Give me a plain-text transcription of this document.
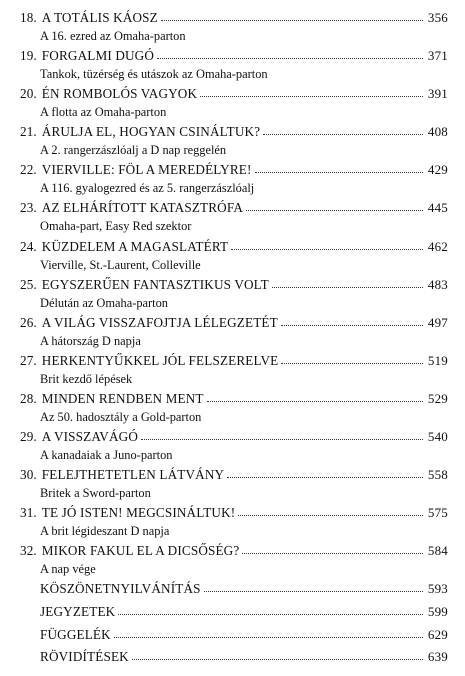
18. A TOTÁLIS KÁOSZ	356
A 16. ezred az Omaha-parton
19. FORGALMI DUGÓ	371
Tankok, tüzérség és utászok az Omaha-parton
20. ÉN ROMBOLÓS VAGYOK	391
A flotta az Omaha-parton
21. ÁRULJA EL, HOGYAN CSINÁLTUK?	408
A 2. rangerzászlóalj a D nap reggelén
22. VIERVILLE: FÖL A MEREDÉLYRE!	429
A 116. gyalogezred és az 5. rangerzászlóalj
23. AZ ELHÁRÍTOTT KATASZTRÓFA	445
Omaha-part, Easy Red szektor
24. KÜZDELEM A MAGASLATÉRT	462
Vierville, St.-Laurent, Colleville
25. EGYSZERŰEN FANTASZTIKUS VOLT	483
Délután az Omaha-parton
26. A VILÁG VISSZAFOJTJA LÉLEGZETÉT	497
A hátország D napja
27. HERKENTYŰKKEL JÓL FELSZERELVE	519
Brit kezdő lépések
28. MINDEN RENDBEN MENT	529
Az 50. hadosztály a Gold-parton
29. A VISSZAVÁGÓ	540
A kanadaiak a Juno-parton
30. FELEJTHETETLEN LÁTVÁNY	558
Britek a Sword-parton
31. TE JÓ ISTEN! MEGCSINÁLTUK!	575
A brit légideszant D napja
32. MIKOR FAKUL EL A DICSŐSÉG?	584
A nap vége
KÖSZÖNETNYILVÁNÍTÁS	593
JEGYZETEK	599
FÜGGELÉK	629
RÖVIDÍTÉSEK	639
